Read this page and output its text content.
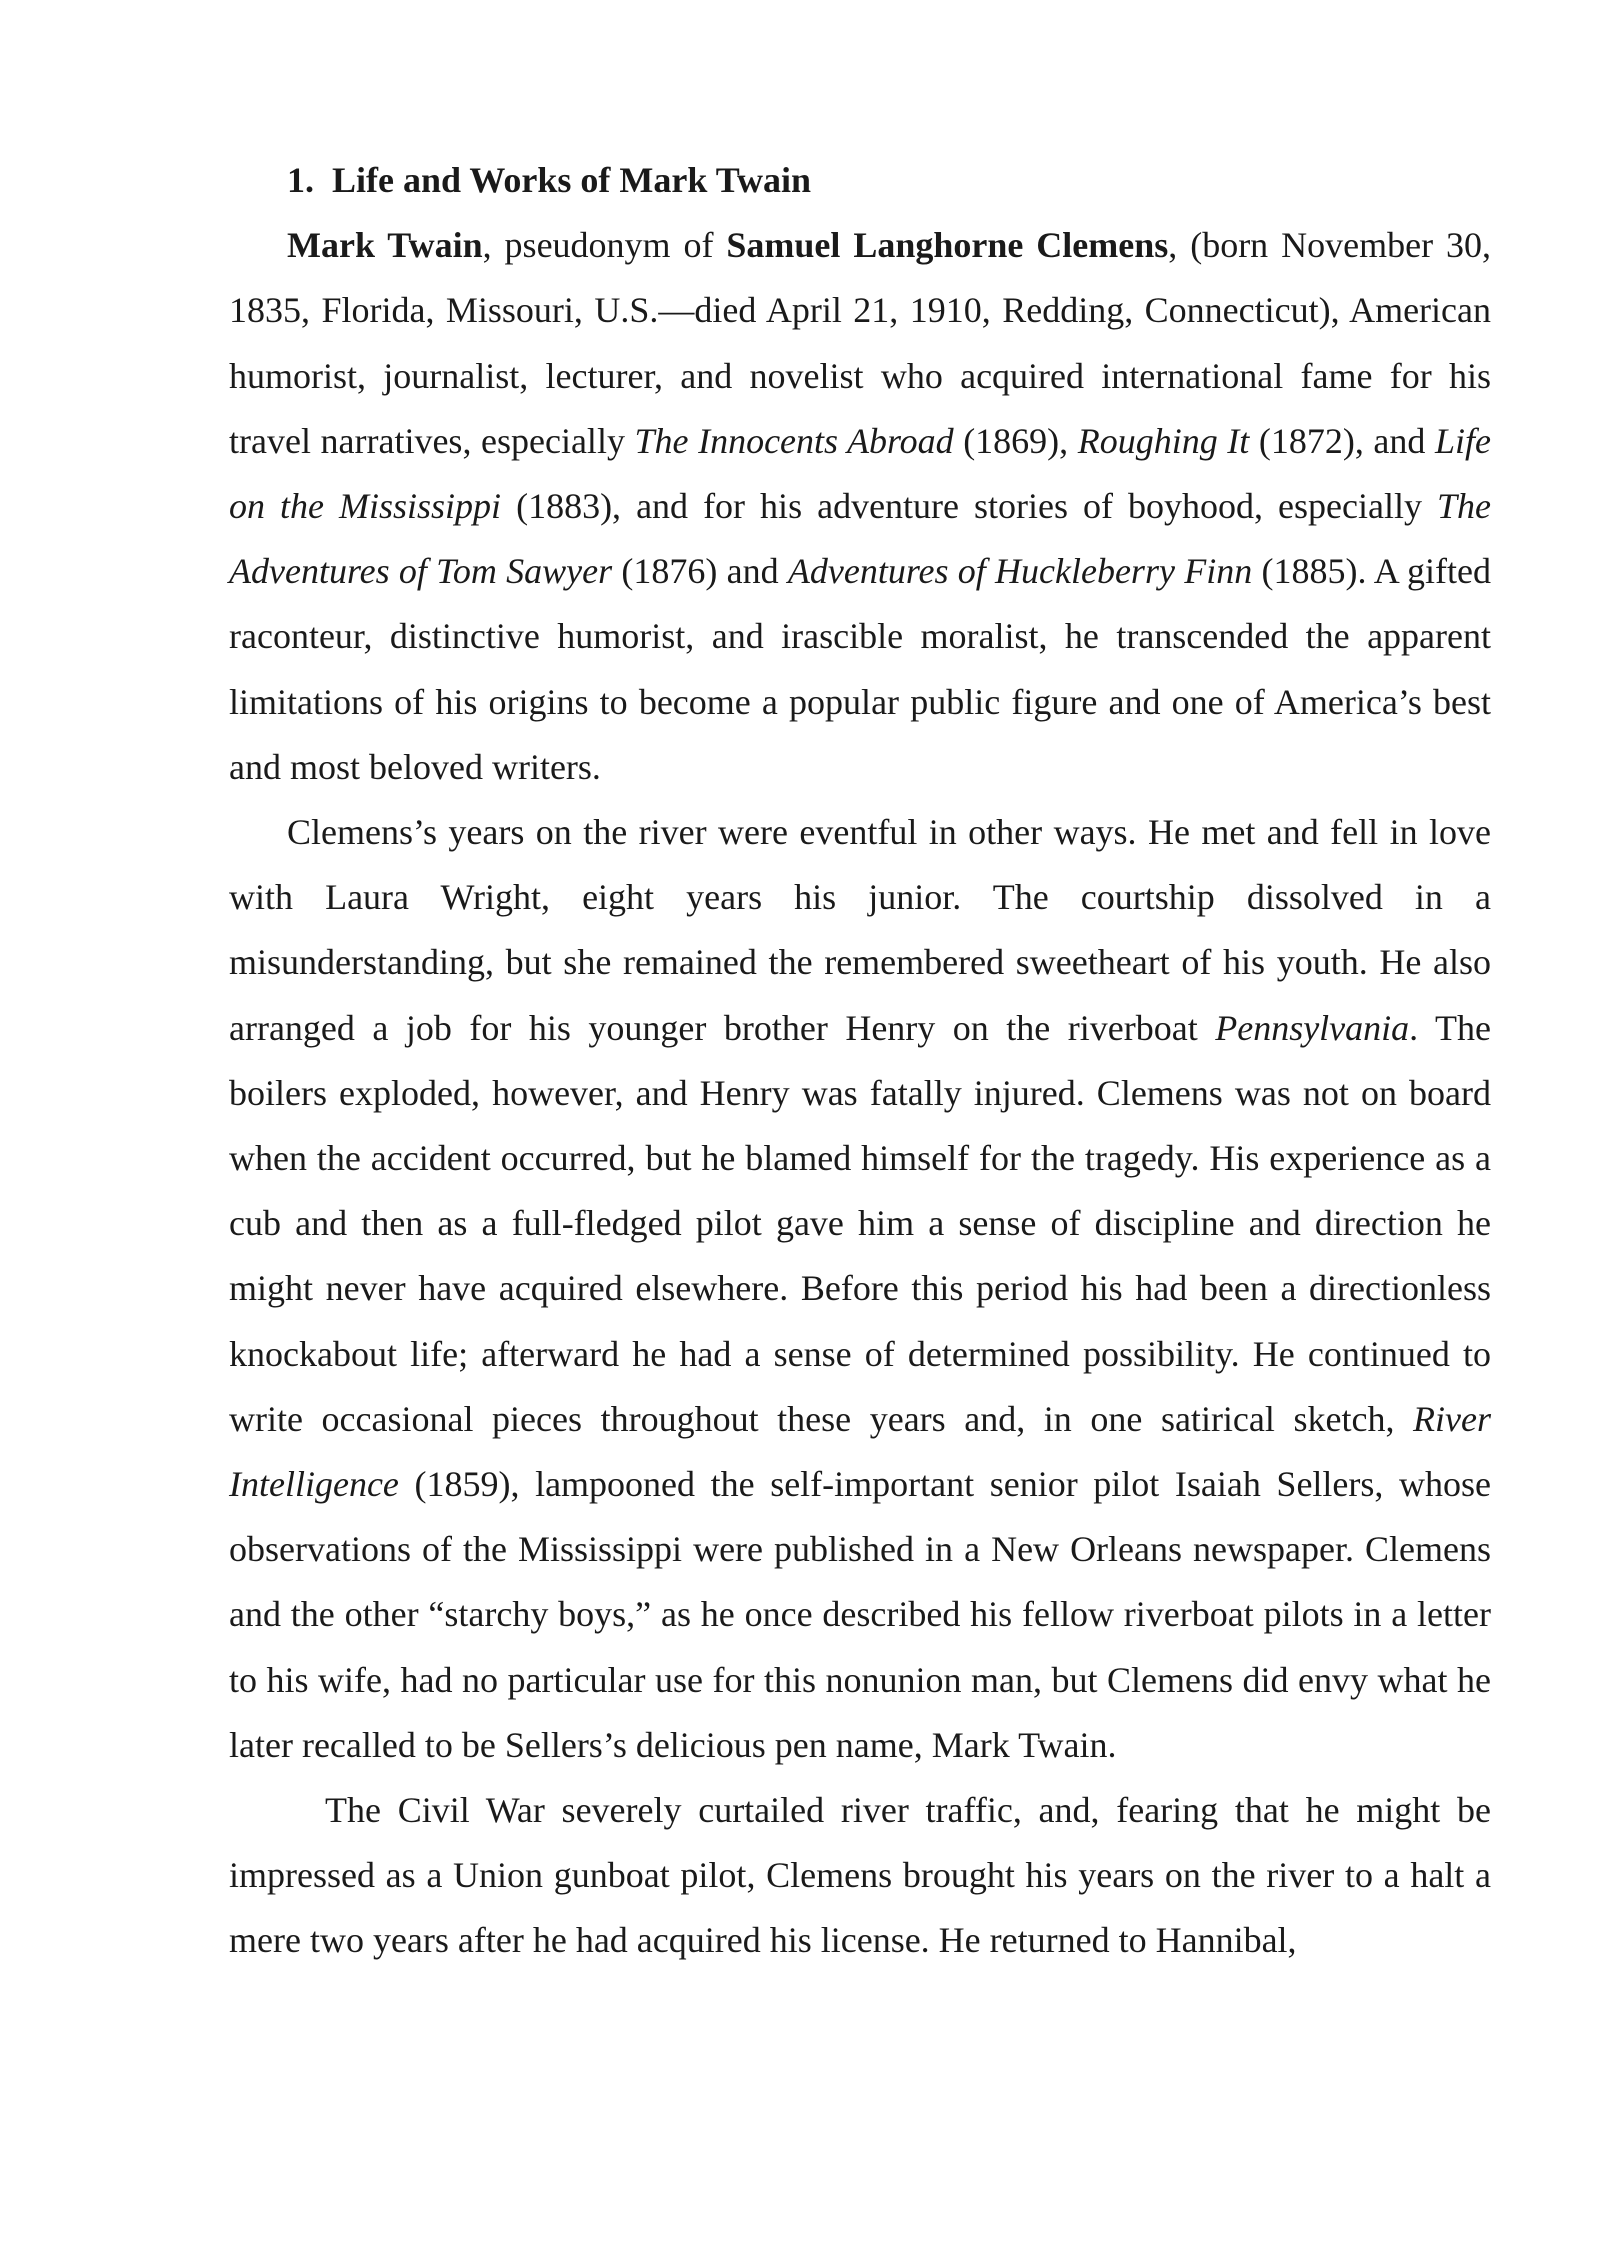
1. Life and Works of Mark Twain

Mark Twain, pseudonym of Samuel Langhorne Clemens, (born November 30, 1835, Florida, Missouri, U.S.—died April 21, 1910, Redding, Connecticut), American humorist, journalist, lecturer, and novelist who acquired international fame for his travel narratives, especially The Innocents Abroad (1869), Roughing It (1872), and Life on the Mississippi (1883), and for his adventure stories of boyhood, especially The Adventures of Tom Sawyer (1876) and Adventures of Huckleberry Finn (1885). A gifted raconteur, distinctive humorist, and irascible moralist, he transcended the apparent limitations of his origins to become a popular public figure and one of America’s best and most beloved writers.

Clemens’s years on the river were eventful in other ways. He met and fell in love with Laura Wright, eight years his junior. The courtship dissolved in a misunderstanding, but she remained the remembered sweetheart of his youth. He also arranged a job for his younger brother Henry on the riverboat Pennsylvania. The boilers exploded, however, and Henry was fatally injured. Clemens was not on board when the accident occurred, but he blamed himself for the tragedy. His experience as a cub and then as a full-fledged pilot gave him a sense of discipline and direction he might never have acquired elsewhere. Before this period his had been a directionless knockabout life; afterward he had a sense of determined possibility. He continued to write occasional pieces throughout these years and, in one satirical sketch, River Intelligence (1859), lampooned the self-important senior pilot Isaiah Sellers, whose observations of the Mississippi were published in a New Orleans newspaper. Clemens and the other “starchy boys,” as he once described his fellow riverboat pilots in a letter to his wife, had no particular use for this nonunion man, but Clemens did envy what he later recalled to be Sellers’s delicious pen name, Mark Twain.

The Civil War severely curtailed river traffic, and, fearing that he might be impressed as a Union gunboat pilot, Clemens brought his years on the river to a halt a mere two years after he had acquired his license. He returned to Hannibal,
